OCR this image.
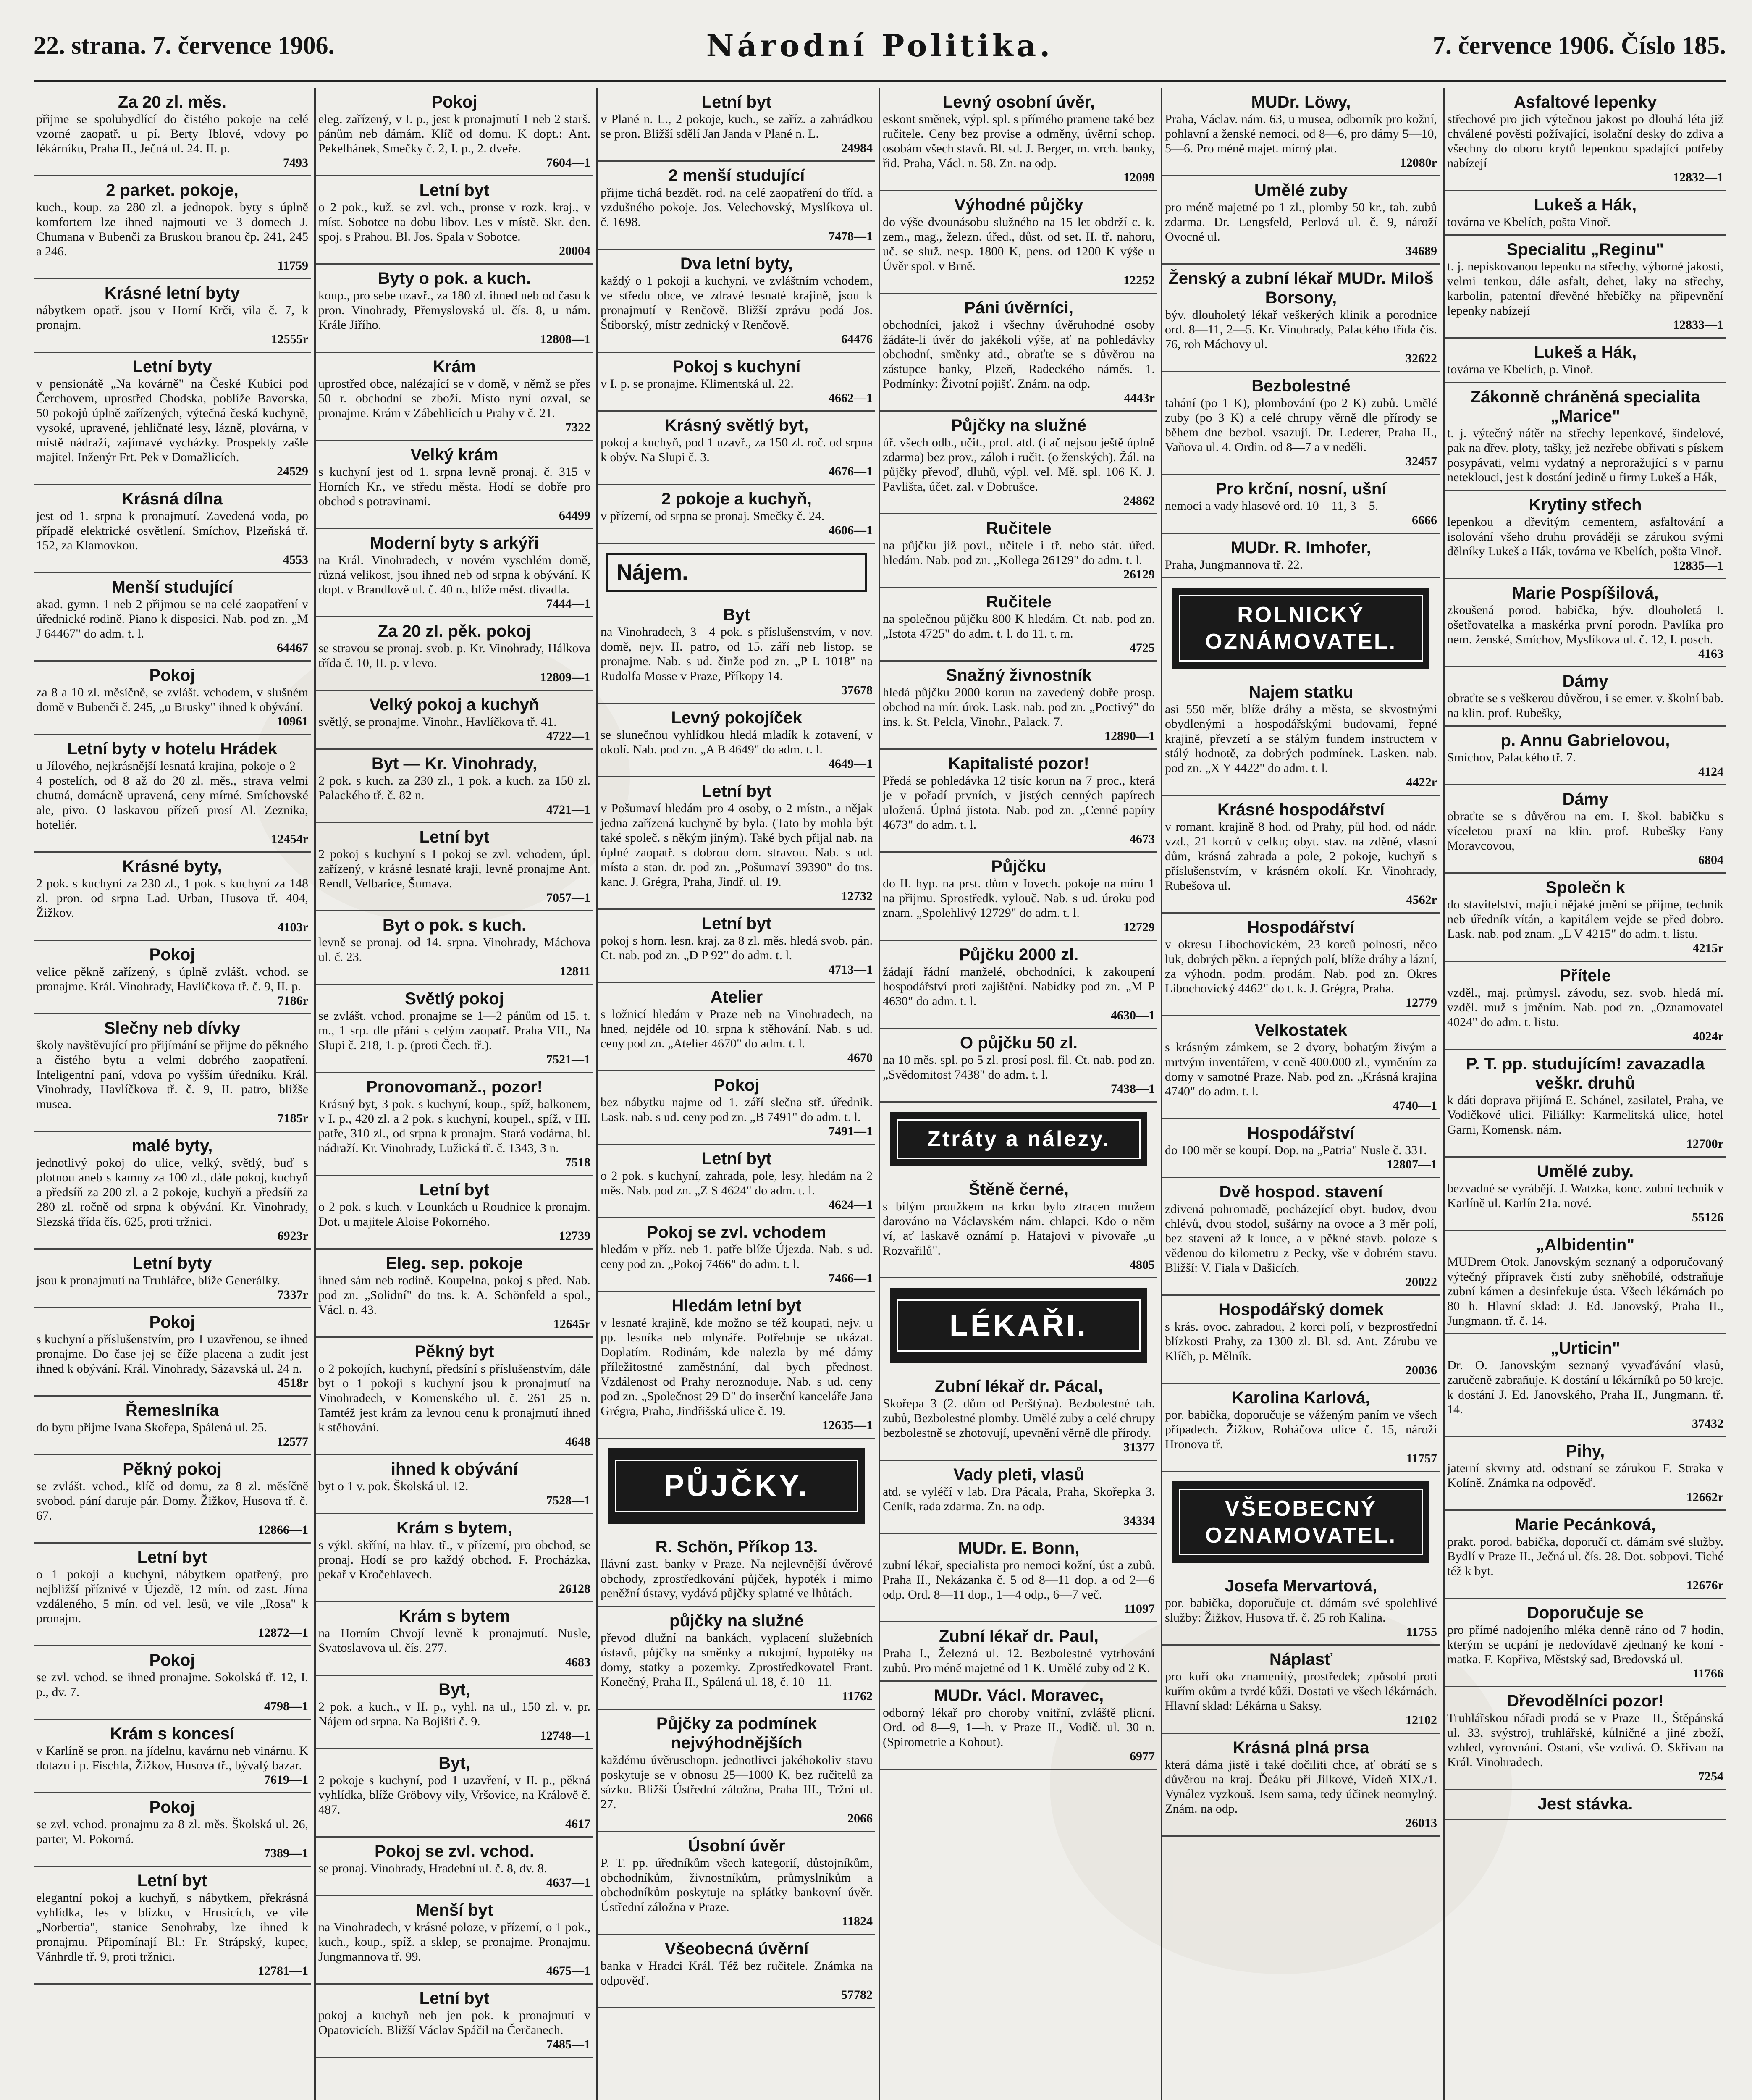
22. strana. 7. července 1906.	Národní Politika.	7. července 1906. Číslo 185.
Za 20 zl. měs.
přijme se spolubydlící do čistého pokoje na celé vzorné zaopatř. u pí. Berty Iblové, vdovy po lékárníku, Praha II., Ječná ul. 24. II. p.
7493
2 parket. pokoje,
kuch., koup. za 280 zl. a jednopok. byty s úplně komfortem lze ihned najmouti ve 3 domech J. Chumana v Bubenči za Bruskou branou čp. 241, 245 a 246.
11759
Krásné letní byty
nábytkem opatř. jsou v Horní Krči, vila č. 7, k pronajm.
12555r
Letní byty
v pensionátě „Na kovárně" na České Kubici pod Čerchovem, uprostřed Chodska, poblíže Bavorska, 50 pokojů úplně zařízených, výtečná česká kuchyně, vysoké, upravené, jehličnaté lesy, lázně, plovárna, v místě nádraží, zajímavé vycházky. Prospekty zašle majitel. Inženýr Frt. Pek v Domažlicích.
24529
Krásná dílna
jest od 1. srpna k pronajmutí. Zavedená voda, po případě elektrické osvětlení. Smíchov, Plzeňská tř. 152, za Klamovkou.
4553
Menší studující
akad. gymn. 1 neb 2 přijmou se na celé zaopatření v úřednické rodině. Piano k disposici. Nab. pod zn. „M J 64467" do adm. t. l.
64467
Pokoj
za 8 a 10 zl. měsíčně, se zvlášt. vchodem, v slušném domě v Bubenči č. 245, „u Brusky" ihned k obývání.
10961
Letní byty v hotelu Hrádek
u Jílového, nejkrásnější lesnatá krajina, pokoje o 2—4 postelích, od 8 až do 20 zl. měs., strava velmi chutná, domácně upravená, ceny mírné. Smíchovské ale, pivo. O laskavou přízeň prosí Al. Zeznika, hoteliér.
12454r
Krásné byty,
2 pok. s kuchyní za 230 zl., 1 pok. s kuchyní za 148 zl. pron. od srpna Lad. Urban, Husova tř. 404, Žižkov.
4103r
Pokoj
velice pěkně zařízený, s úplně zvlášt. vchod. se pronajme. Král. Vinohrady, Havlíčkova tř. č. 9, II. p.
7186r
Slečny neb dívky
školy navštěvující pro přijímání se přijme do pěkného a čistého bytu a velmi dobrého zaopatření. Inteligentní paní, vdova po vyšším úředníku. Král. Vinohrady, Havlíčkova tř. č. 9, II. patro, bližše musea.
7185r
malé byty,
jednotlivý pokoj do ulice, velký, světlý, buď s plotnou aneb s kamny za 100 zl., dále pokoj, kuchyň a předsíň za 200 zl. a 2 pokoje, kuchyň a předsíň za 280 zl. ročně od srpna k obývání. Kr. Vinohrady, Slezská třída čís. 625, proti tržnici.
6923r
Letní byty
jsou k pronajmutí na Truhlářce, blíže Generálky.
7337r
Pokoj
s kuchyní a příslušenstvím, pro 1 uzavřenou, se ihned pronajme. Do čase jej se číže placena a zudit jest ihned k obývání. Král. Vinohrady, Sázavská ul. 24 n.
4518r
Řemeslníka
do bytu přijme Ivana Skořepa, Spálená ul. 25.
12577
Pěkný pokoj
se zvlášt. vchod., klíč od domu, za 8 zl. měsíčně svobod. pání daruje pár. Domy. Žižkov, Husova tř. č. 67.
12866—1
Letní byt
o 1 pokoji a kuchyni, nábytkem opatřený, pro nejbližší příznivé v Újezdě, 12 mín. od zast. Jírna vzdáleného, 5 mín. od vel. lesů, ve vile „Rosa" k pronajm.
12872—1
Pokoj
se zvl. vchod. se ihned pronajme. Sokolská tř. 12, I. p., dv. 7.
4798—1
Krám s koncesí
v Karlíně se pron. na jídelnu, kavárnu neb vinárnu. K dotazu i p. Fischla, Žižkov, Husova tř., bývalý bazar.
7619—1
Pokoj
se zvl. vchod. pronajmu za 8 zl. měs. Školská ul. 26, parter, M. Pokorná.
7389—1
Letní byt
elegantní pokoj a kuchyň, s nábytkem, překrásná vyhlídka, les v blízku, v Hrusicích, ve vile „Norbertia", stanice Senohraby, lze ihned k pronajmu. Připomínají Bl.: Fr. Strápský, kupec, Vánhrdle tř. 9, proti tržnici.
12781—1
Pokoj
eleg. zařízený, v I. p., jest k pronajmutí 1 neb 2 starš. pánům neb dámám. Klíč od domu. K dopt.: Ant. Pekelhánek, Smečky č. 2, I. p., 2. dveře.
7604—1
Letní byt
o 2 pok., kuž. se zvl. vch., pronse v rozk. kraj., v míst. Sobotce na dobu libov. Les v místě. Skr. den. spoj. s Prahou. Bl. Jos. Spala v Sobotce.
20004
Byty o pok. a kuch.
koup., pro sebe uzavř., za 180 zl. ihned neb od času k pron. Vinohrady, Přemyslovská ul. čís. 8, u nám. Krále Jiřího.
12808—1
Krám
uprostřed obce, nalézající se v domě, v němž se přes 50 r. obchodní se zboží. Místo nyní ozval, se pronajme. Krám v Zábehlicích u Prahy v č. 21.
7322
Velký krám
s kuchyní jest od 1. srpna levně pronaj. č. 315 v Horních Kr., ve středu města. Hodí se dobře pro obchod s potravinami.
64499
Moderní byty s arkýři
na Král. Vinohradech, v novém vyschlém domě, různá velikost, jsou ihned neb od srpna k obývání. K dopt. v Brandlově ul. č. 40 n., blíže měst. divadla.
7444—1
Za 20 zl. pěk. pokoj
se stravou se pronaj. svob. p. Kr. Vinohrady, Hálkova třída č. 10, II. p. v levo.
12809—1
Velký pokoj a kuchyň
světlý, se pronajme. Vinohr., Havlíčkova tř. 41.
4722—1
Byt — Kr. Vinohrady,
2 pok. s kuch. za 230 zl., 1 pok. a kuch. za 150 zl. Palackého tř. č. 82 n.
4721—1
Letní byt
2 pokoj s kuchyní s 1 pokoj se zvl. vchodem, úpl. zařízený, v krásné lesnaté kraji, levně pronajme Ant. Rendl, Velbarice, Šumava.
7057—1
Byt o pok. s kuch.
levně se pronaj. od 14. srpna. Vinohrady, Máchova ul. č. 23.
12811
Světlý pokoj
se zvlášt. vchod. pronajme se 1—2 pánům od 15. t. m., 1 srp. dle přání s celým zaopatř. Praha VII., Na Slupi č. 218, 1. p. (proti Čech. tř.).
7521—1
Pronovomanž., pozor!
Krásný byt, 3 pok. s kuchyní, koup., spíž, balkonem, v I. p., 420 zl. a 2 pok. s kuchyní, koupel., spíž, v III. patře, 310 zl., od srpna k pronajm. Stará vodárna, bl. nádraží. Kr. Vinohrady, Lužická tř. č. 1343, 3 n.
7518
Letní byt
o 2 pok. s kuch. v Lounkách u Roudnice k pronajm. Dot. u majitele Aloise Pokorného.
12739
Eleg. sep. pokoje
ihned sám neb rodině. Koupelna, pokoj s před. Nab. pod zn. „Solidní" do tns. k. A. Schönfeld a spol., Václ. n. 43.
12645r
Pěkný byt
o 2 pokojích, kuchyní, předsíní s příslušenstvím, dále byt o 1 pokoji s kuchyní jsou k pronajmutí na Vinohradech, v Komenského ul. č. 261—25 n. Tamtéž jest krám za levnou cenu k pronajmutí ihned k stěhování.
4648
ihned k obývání
byt o 1 v. pok. Školská ul. 12.
7528—1
Krám s bytem,
s výkl. skříní, na hlav. tř., v přízemí, pro obchod, se pronaj. Hodí se pro každý obchod. F. Procházka, pekař v Kročehlavech.
26128
Krám s bytem
na Horním Chvojí levně k pronajmutí. Nusle, Svatoslavova ul. čís. 277.
4683
Byt,
2 pok. a kuch., v II. p., vyhl. na ul., 150 zl. v. pr. Nájem od srpna. Na Bojišti č. 9.
12748—1
Byt,
2 pokoje s kuchyní, pod 1 uzavření, v II. p., pěkná vyhlídka, blíže Gröbovy vily, Vršovice, na Králově č. 487.
4617
Pokoj se zvl. vchod.
se pronaj. Vinohrady, Hradební ul. č. 8, dv. 8.
4637—1
Menší byt
na Vinohradech, v krásné poloze, v přízemí, o 1 pok., kuch., koup., spíž. a sklep, se pronajme. Pronajmu. Jungmannova tř. 99.
4675—1
Letní byt
pokoj a kuchyň neb jen pok. k pronajmutí v Opatovicích. Bližší Václav Spáčil na Čerčanech.
7485—1
Letní byt
v Plané n. L., 2 pokoje, kuch., se zaříz. a zahrádkou se pron. Bližší sdělí Jan Janda v Plané n. L.
24984
2 menší studující
přijme tichá bezdět. rod. na celé zaopatření do tříd. a vzdušného pokoje. Jos. Velechovský, Myslíkova ul. č. 1698.
7478—1
Dva letní byty,
každý o 1 pokoji a kuchyni, ve zvláštním vchodem, ve středu obce, ve zdravé lesnaté krajině, jsou k pronajmutí v Renčově. Bližší zprávu podá Jos. Štiborský, místr zednický v Renčově.
64476
Pokoj s kuchyní
v I. p. se pronajme. Klimentská ul. 22.
4662—1
Krásný světlý byt,
pokoj a kuchyň, pod 1 uzavř., za 150 zl. roč. od srpna k obýv. Na Slupi č. 3.
4676—1
2 pokoje a kuchyň,
v přízemí, od srpna se pronaj. Smečky č. 24.
4606—1
Nájem.
Byt
na Vinohradech, 3—4 pok. s příslušenstvím, v nov. domě, nejv. II. patro, od 15. září neb listop. se pronajme. Nab. s ud. činže pod zn. „P L 1018" na Rudolfa Mosse v Praze, Příkopy 14.
37678
Levný pokojíček
se slunečnou vyhlídkou hledá mladík k zotavení, v okolí. Nab. pod zn. „A B 4649" do adm. t. l.
4649—1
Letní byt
v Pošumaví hledám pro 4 osoby, o 2 místn., a nějak jedna zařízená kuchyně by byla. (Tato by mohla být také společ. s někým jiným). Také bych přijal nab. na úplné zaopatř. s dobrou dom. stravou. Nab. s ud. místa a stan. dr. pod zn. „Pošumaví 39390" do tns. kanc. J. Grégra, Praha, Jindř. ul. 19.
12732
Letní byt
pokoj s horn. lesn. kraj. za 8 zl. měs. hledá svob. pán. Ct. nab. pod zn. „D P 92" do adm. t. l.
4713—1
Atelier
s ložnicí hledám v Praze neb na Vinohradech, na hned, nejdéle od 10. srpna k stěhování. Nab. s ud. ceny pod zn. „Atelier 4670" do adm. t. l.
4670
Pokoj
bez nábytku najme od 1. září slečna stř. úřednik. Lask. nab. s ud. ceny pod zn. „B 7491" do adm. t. l.
7491—1
Letní byt
o 2 pok. s kuchyní, zahrada, pole, lesy, hledám na 2 měs. Nab. pod zn. „Z S 4624" do adm. t. l.
4624—1
Pokoj se zvl. vchodem
hledám v příz. neb 1. patře blíže Újezda. Nab. s ud. ceny pod zn. „Pokoj 7466" do adm. t. l.
7466—1
Hledám letní byt
v lesnaté krajině, kde možno se též koupati, nejv. u pp. lesníka neb mlynáře. Potřebuje se ukázat. Doplatím. Rodinám, kde nalezla by mé dámy příležitostné zaměstnání, dal bych přednost. Vzdálenost od Prahy neroznoduje. Nab. s ud. ceny pod zn. „Společnost 29 D" do inserční kanceláře Jana Grégra, Praha, Jindřišská ulice č. 19.
12635—1
PŮJČKY.
R. Schön, Příkop 13.
Ilávní zast. banky v Praze. Na nejlevnější úvěrové obchody, zprostředkování půjček, hypoték i mimo peněžní ústavy, vydává půjčky splatné ve lhůtách.
půjčky na služné
převod dlužní na bankách, vyplacení služebních ústavů, půjčky na směnky a rukojmí, hypotéky na domy, statky a pozemky. Zprostředkovatel Frant. Konečný, Praha II., Spálená ul. 18, č. 10—11.
11762
Půjčky za podmínek nejvýhodnějších
každému úvěruschopn. jednotlivci jakéhokoliv stavu poskytuje se v obnosu 25—1000 K, bez ručitelů za sázku. Bližší Ústřední záložna, Praha III., Tržní ul. 27.
2066
Úsobní úvěr
P. T. pp. úředníkům všech kategorií, důstojníkům, obchodníkům, živnostníkům, průmyslníkům a obchodníkům poskytuje na splátky bankovní úvěr. Ústřední záložna v Praze.
11824
Všeobecná úvěrní
banka v Hradci Král. Též bez ručitele. Známka na odpověď.
57782
Levný osobní úvěr,
eskont směnek, výpl. spl. s přímého pramene také bez ručitele. Ceny bez provise a odměny, úvěrní schop. osobám všech stavů. Bl. sd. J. Berger, m. vrch. banky, řid. Praha, Václ. n. 58. Zn. na odp.
12099
Výhodné půjčky
do výše dvounásobu služného na 15 let obdrží c. k. zem., mag., železn. úřed., důst. od set. II. tř. nahoru, uč. se služ. nesp. 1800 K, pens. od 1200 K výše u Úvěr spol. v Brně.
12252
Páni úvěrníci,
obchodníci, jakož i všechny úvěruhodné osoby žádáte-li úvěr do jakékoli výše, ať na pohledávky obchodní, směnky atd., obraťte se s důvěrou na zástupce banky, Plzeň, Radeckého náměs. 1. Podmínky: Životní pojišť. Znám. na odp.
4443r
Půjčky na služné
úř. všech odb., učit., prof. atd. (i ač nejsou ještě úplně zdarma) bez prov., záloh i ručit. (o ženských). Žál. na půjčky převoď, dluhů, výpl. vel. Mě. spl. 106 K. J. Pavlišta, účet. zal. v Dobrušce.
24862
Ručitele
na půjčku již povl., učitele i tř. nebo stát. úřed. hledám. Nab. pod zn. „Kollega 26129" do adm. t. l.
26129
Ručitele
na společnou půjčku 800 K hledám. Ct. nab. pod zn. „Istota 4725" do adm. t. l. do 11. t. m.
4725
Snažný živnostník
hledá půjčku 2000 korun na zavedený dobře prosp. obchod na mír. úrok. Lask. nab. pod zn. „Poctivý" do ins. k. St. Pelcla, Vinohr., Palack. 7.
12890—1
Kapitalisté pozor!
Předá se pohledávka 12 tisíc korun na 7 proc., která je v pořadí prvních, v jistých cenných papírech uložená. Úplná jistota. Nab. pod zn. „Cenné papíry 4673" do adm. t. l.
4673
Půjčku
do II. hyp. na prst. dům v Iovech. pokoje na míru 1 na přijmu. Sprostředk. vylouč. Nab. s ud. úroku pod znam. „Spolehlivý 12729" do adm. t. l.
12729
Půjčku 2000 zl.
žádají řádní manželé, obchodníci, k zakoupení hospodářství proti zajištění. Nabídky pod zn. „M P 4630" do adm. t. l.
4630—1
O půjčku 50 zl.
na 10 měs. spl. po 5 zl. prosí posl. fil. Ct. nab. pod zn. „Svědomitost 7438" do adm. t. l.
7438—1
Ztráty a nálezy.
Štěně černé,
s bílým proužkem na krku bylo ztracen mužem darováno na Václavském nám. chlapci. Kdo o něm ví, ať laskavě oznámí p. Hatajovi v pivovaře „u Rozvařilů".
4805
LÉKAŘI.
Zubní lékař dr. Pácal,
Skořepa 3 (2. dům od Perštýna). Bezbolestné tah. zubů, Bezbolestné plomby. Umělé zuby a celé chrupy bezbolestně se zhotovují, upevnění věrně dle přírody.
31377
Vady pleti, vlasů
atd. se vyléčí v lab. Dra Pácala, Praha, Skořepka 3. Ceník, rada zdarma. Zn. na odp.
34334
MUDr. E. Bonn,
zubní lékař, specialista pro nemoci kožní, úst a zubů. Praha II., Nekázanka č. 5 od 8—11 dop. a od 2—6 odp. Ord. 8—11 dop., 1—4 odp., 6—7 več.
11097
Zubní lékař dr. Paul,
Praha I., Železná ul. 12. Bezbolestné vytrhování zubů. Pro méně majetné od 1 K. Umělé zuby od 2 K.
MUDr. Václ. Moravec,
odborný lékař pro choroby vnitřní, zvláště plicní. Ord. od 8—9, 1—h. v Praze II., Vodič. ul. 30 n. (Spirometrie a Kohout).
6977
MUDr. Löwy,
Praha, Václav. nám. 63, u musea, odborník pro kožní, pohlavní a ženské nemoci, od 8—6, pro dámy 5—10, 5—6. Pro méně majet. mírný plat.
12080r
Umělé zuby
pro méně majetné po 1 zl., plomby 50 kr., tah. zubů zdarma. Dr. Lengsfeld, Perlová ul. č. 9, nároží Ovocné ul.
34689
Ženský a zubní lékař MUDr. Miloš Borsony,
býv. dlouholetý lékař veškerých klinik a porodnice ord. 8—11, 2—5. Kr. Vinohrady, Palackého třída čís. 76, roh Máchovy ul.
32622
Bezbolestné
tahání (po 1 K), plombování (po 2 K) zubů. Umělé zuby (po 3 K) a celé chrupy věrně dle přírody se během dne bezbol. vsazují. Dr. Lederer, Praha II., Vaňova ul. 4. Ordin. od 8—7 a v neděli.
32457
Pro krční, nosní, ušní
nemoci a vady hlasové ord. 10—11, 3—5.
6666
MUDr. R. Imhofer,
Praha, Jungmannova tř. 22.
ROLNICKÝ OZNÁMOVATEL.
Najem statku
asi 550 měr, blíže dráhy a města, se skvostnými obydlenými a hospodářskými budovami, řepné krajině, převzetí a se stálým fundem instructem v stálý hodnotě, za dobrých podmínek. Lasken. nab. pod zn. „X Y 4422" do adm. t. l.
4422r
Krásné hospodářství
v romant. krajině 8 hod. od Prahy, půl hod. od nádr. vzd., 21 korců v celku; obyt. stav. na zděné, vlasní dům, krásná zahrada a pole, 2 pokoje, kuchyň s příslušenstvím, v krásném okolí. Kr. Vinohrady, Rubešova ul.
4562r
Hospodářství
v okresu Libochovickém, 23 korců polností, něco luk, dobrých pěkn. a řepných polí, blíže dráhy a lázní, za výhodn. podm. prodám. Nab. pod zn. Okres Libochovický 4462" do t. k. J. Grégra, Praha.
12779
Velkostatek
s krásným zámkem, se 2 dvory, bohatým živým a mrtvým inventářem, v ceně 400.000 zl., vyměním za domy v samotné Praze. Nab. pod zn. „Krásná krajina 4740" do adm. t. l.
4740—1
Hospodářství
do 100 měr se koupí. Dop. na „Patria" Nusle č. 331.
12807—1
Dvě hospod. stavení
zdivená pohromadě, pocházející obyt. budov, dvou chlévů, dvou stodol, sušárny na ovoce a 3 měr polí, bez stavení až k louce, a v pěkné stavb. poloze s vědenou do kilometru z Pecky, vše v dobrém stavu. Bližší: V. Fiala v Dašicích.
20022
Hospodářský domek
s krás. ovoc. zahradou, 2 korci polí, v bezprostřední blízkosti Prahy, za 1300 zl. Bl. sd. Ant. Zárubu ve Klíčh, p. Mělník.
20036
Karolina Karlová,
por. babička, doporučuje se váženým paním ve všech případech. Žižkov, Roháčova ulice č. 15, nároží Hronova tř.
11757
VŠEOBECNÝ OZNAMOVATEL.
Josefa Mervartová,
por. babička, doporučuje ct. dámám své spolehlivé služby: Žižkov, Husova tř. č. 25 roh Kalina.
11755
Náplasť
pro kuří oka znamenitý, prostředek; způsobí proti kuřím okům a tvrdé kůži. Dostati ve všech lékárnách. Hlavní sklad: Lékárna u Saksy.
12102
Krásná plná prsa
která dáma jistě i také dočiliti chce, ať obrátí se s důvěrou na kraj. Ďeáku při Jilkové, Vídeň XIX./1. Vynález vyzkouš. Jsem sama, tedy účinek neomylný. Znám. na odp.
26013
Asfaltové lepenky
střechové pro jich výtečnou jakost po dlouhá léta již chválené pověsti požívající, isolační desky do zdiva a všechny do oboru krytů lepenkou spadající potřeby nabízejí
12832—1
Lukeš a Hák,
továrna ve Kbelích, pošta Vinoř.
Specialitu „Reginu"
t. j. nepiskovanou lepenku na střechy, výborné jakosti, velmi tenkou, dále asfalt, dehet, laky na střechy, karbolin, patentní dřevěné hřebíčky na připevnění lepenky nabízejí
12833—1
Lukeš a Hák,
továrna ve Kbelích, p. Vinoř.
Zákonně chráněná specialita „Marice"
t. j. výtečný nátěr na střechy lepenkové, šindelové, pak na dřev. ploty, taškу, jež nezřebe obřivati s pískem posypávati, velmi vydatný a neproražující s v parnu neteklouci, jest k dostání jedině u firmy Lukeš a Hák,
Krytiny střech
lepenkou a dřevitým cementem, asfaltování a isolování všeho druhu prováději se zárukou svými dělníky Lukeš a Hák, továrna ve Kbelích, pošta Vinoř.
12835—1
Marie Pospíšilová,
zkoušená porod. babička, býv. dlouholetá I. ošetřovatelka a maskérka první porodn. Pavlíka pro nem. ženské, Smíchov, Myslíkova ul. č. 12, I. posch.
4163
Dámy
obraťte se s veškerou důvěrou, i se emer. v. školní bab. na klin. prof. Rubešky,
p. Annu Gabrielovou,
Smíchov, Palackého tř. 7.
4124
Dámy
obraťte se s důvěrou na em. I. škol. babičku s víceletou praxí na klin. prof. Rubešky Fany Moravcovou,
6804
Společn k
do stavitelství, mající nějaké jmění se přijme, technik neb úředník vítán, a kapitálem vejde se před dobro. Lask. nab. pod znam. „L V 4215" do adm. t. listu.
4215r
Přítele
vzděl., maj. průmysl. závodu, sez. svob. hledá mí. vzděl. muž s jměním. Nab. pod zn. „Oznamovatel 4024" do adm. t. listu.
4024r
P. T. pp. studujícím! zavazadla veškr. druhů
k dáti doprava přijímá E. Schánel, zasilatel, Praha, ve Vodičkové ulici. Filiálky: Karmelitská ulice, hotel Garni, Komensk. nám.
12700r
Umělé zuby.
bezvadné se vyrábějí. J. Watzka, konc. zubní technik v Karlíně ul. Karlín 21a. nové.
55126
„Albidentin"
MUDrem Otok. Janovským seznaný a odporučovaný výtečný přípravek čistí zuby sněhobílé, odstraňuje zubní kámen a desinfekuje ústa. Všech lékárnách po 80 h. Hlavní sklad: J. Ed. Janovský, Praha II., Jungmann. tř. č. 14.
„Urticin"
Dr. O. Janovským seznaný vyvaďávání vlasů, zaručeně zabraňuje. K dostání u lékárníků po 50 krejc. k dostání J. Ed. Janovského, Praha II., Jungmann. tř. 14.
37432
Pihy,
jaterní skvrny atd. odstraní se zárukou F. Straka v Kolíně. Známka na odpověď.
12662r
Marie Pecánková,
prakt. porod. babička, doporučí ct. dámám své služby. Bydlí v Praze II., Ječná ul. čís. 28. Dot. sobpovi. Tiché též k byt.
12676r
Doporučuje se
pro přímé nadojeního mléka denně ráno od 7 hodin, kterým se ucpání je nedovídavě zjednaný ke koní - matka. F. Kopřiva, Městský sad, Bredovská ul.
11766
Dřevodělníci pozor!
Truhlářskou nářadi prodá se v Praze—II., Štěpánská ul. 33, svýstroj, truhlářské, kůlničné a jiné zboží, vzhled, vyrovnání. Ostaní, vše vzdívá. O. Skřivan na Král. Vinohradech.
7254
Jest stávka.
